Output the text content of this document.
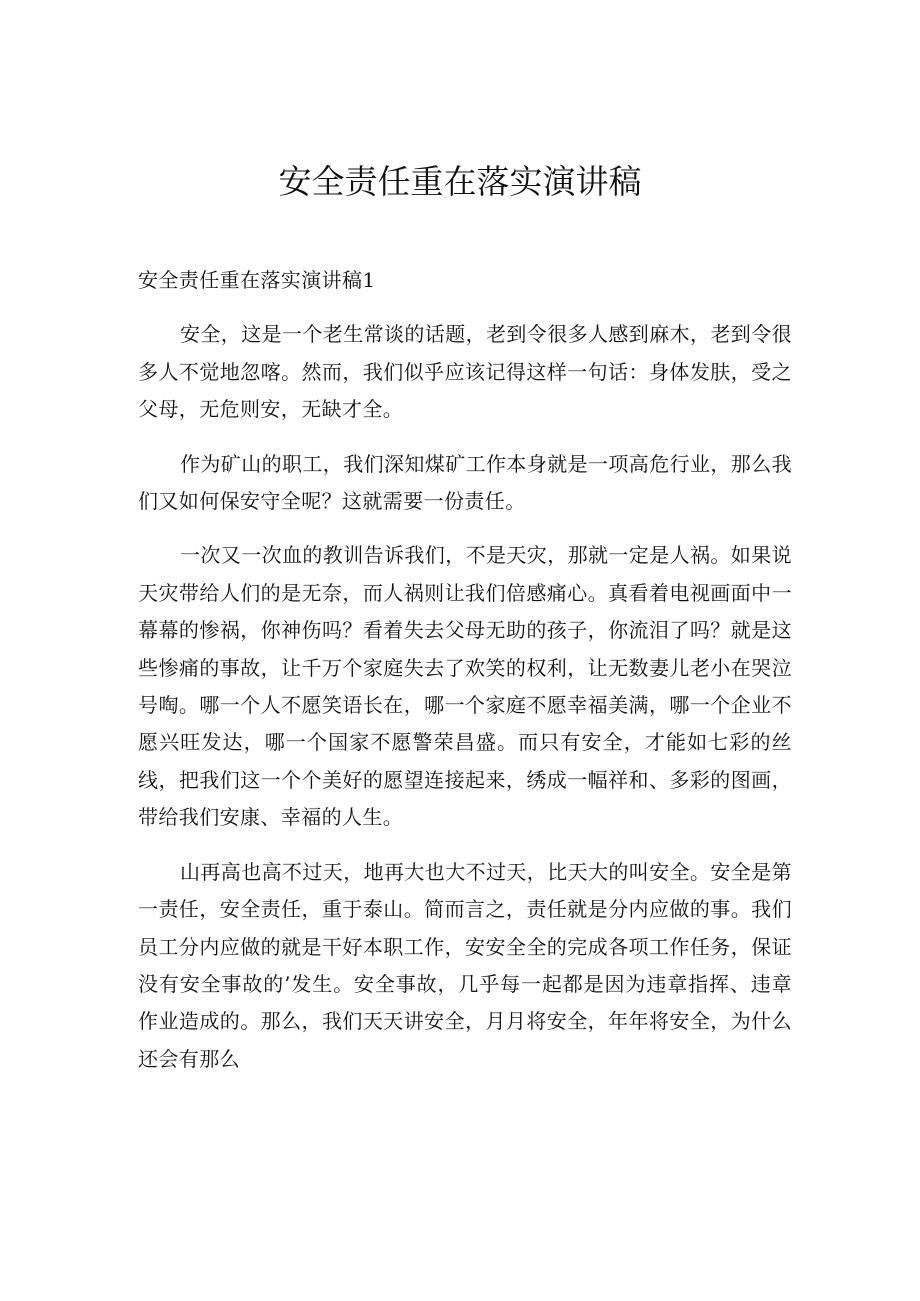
安全责任重在落实演讲稿

安全责任重在落实演讲稿1

安全，这是一个老生常谈的话题，老到令很多人感到麻木，老到令很多人不觉地忽喀。然而，我们似乎应该记得这样一句话：身体发肤，受之父母，无危则安，无缺才全。

作为矿山的职工，我们深知煤矿工作本身就是一项高危行业，那么我们又如何保安守全呢？这就需要一份责任。

一次又一次血的教训告诉我们，不是天灾，那就一定是人祸。如果说天灾带给人们的是无奈，而人祸则让我们倍感痛心。真看着电视画面中一幕幕的惨祸，你神伤吗？看着失去父母无助的孩子，你流泪了吗？就是这些惨痛的事故，让千万个家庭失去了欢笑的权利，让无数妻儿老小在哭泣号啕。哪一个人不愿笑语长在，哪一个家庭不愿幸福美满，哪一个企业不愿兴旺发达，哪一个国家不愿警荣昌盛。而只有安全，才能如七彩的丝线，把我们这一个个美好的愿望连接起来，绣成一幅祥和、多彩的图画，带给我们安康、幸福的人生。

山再高也高不过天，地再大也大不过天，比天大的叫安全。安全是第一责任，安全责任，重于泰山。简而言之，责任就是分内应做的事。我们员工分内应做的就是干好本职工作，安安全全的完成各项工作任务，保证没有安全事故的’发生。安全事故，几乎每一起都是因为违章指挥、违章作业造成的。那么，我们天天讲安全，月月将安全，年年将安全，为什么还会有那么
